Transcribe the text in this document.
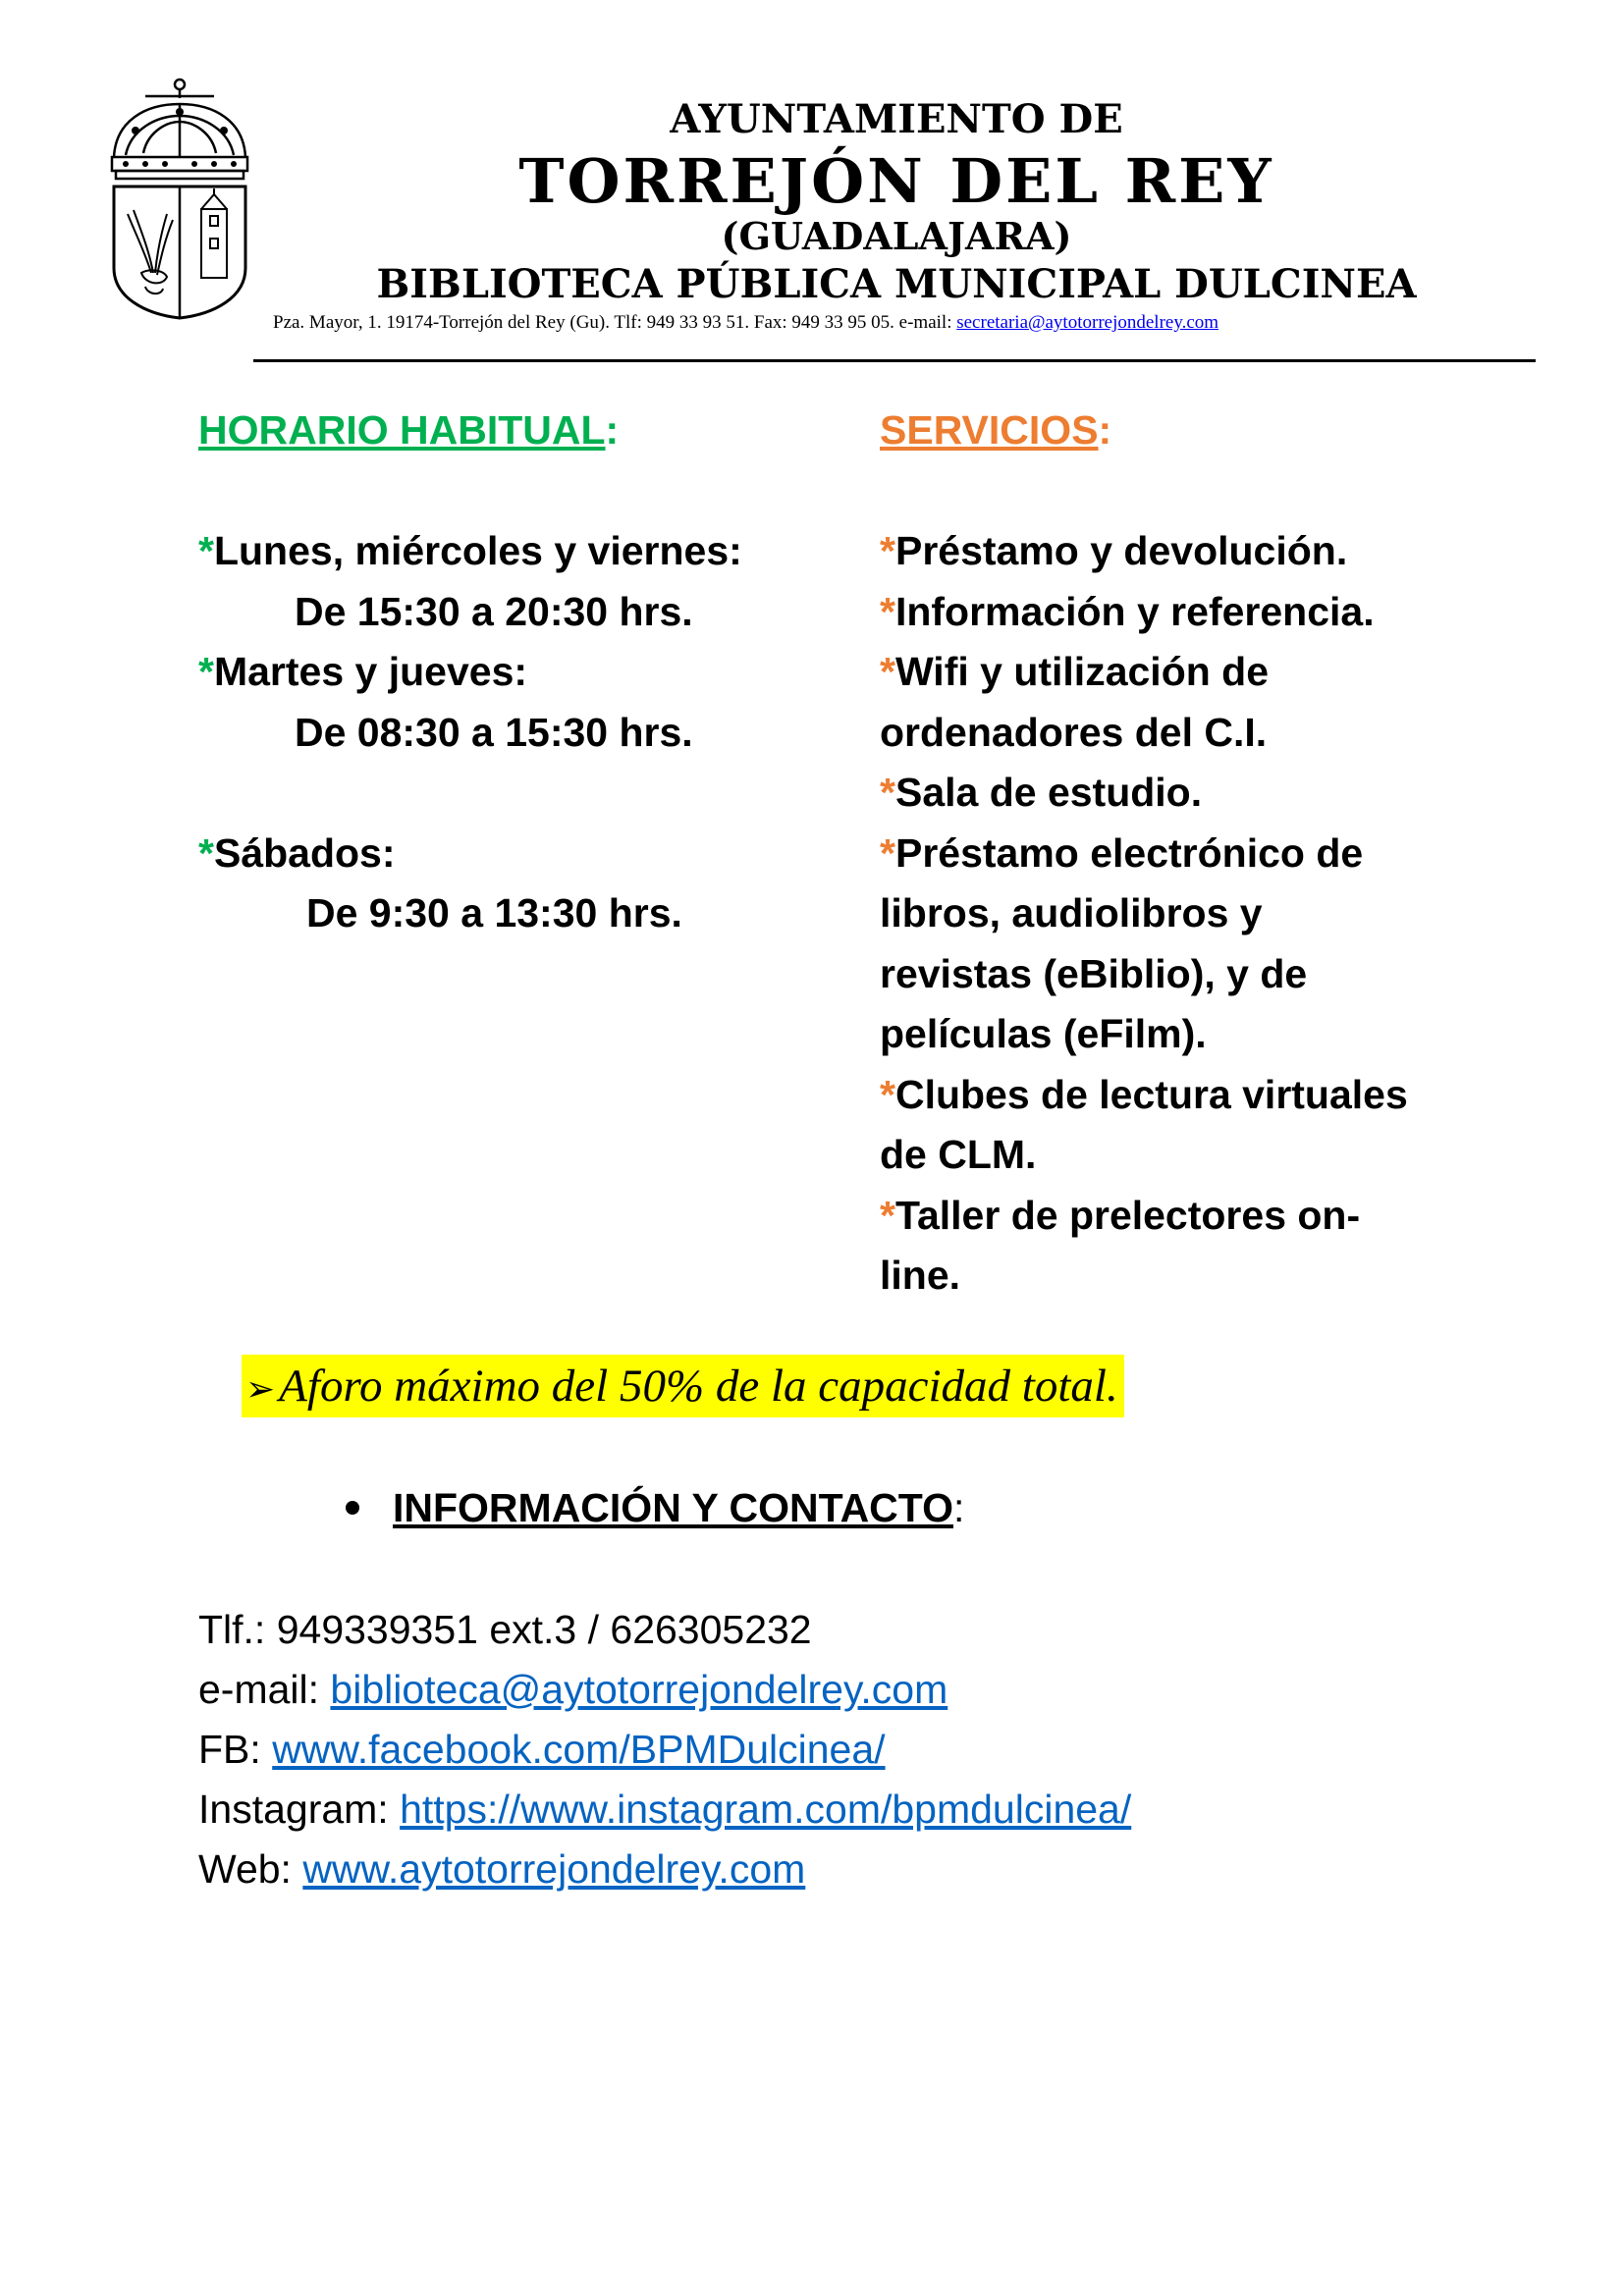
AYUNTAMIENTO DE
TORREJÓN DEL REY
(GUADALAJARA)
BIBLIOTECA PÚBLICA MUNICIPAL DULCINEA
Pza. Mayor, 1. 19174-Torrejón del Rey (Gu). Tlf: 949 33 93 51. Fax: 949 33 95 05. e-mail: secretaria@aytotorrejondelrey.com
HORARIO HABITUAL:
*Lunes, miércoles y viernes:
De 15:30 a 20:30 hrs.
*Martes y jueves:
De 08:30 a 15:30 hrs.
*Sábados:
De 9:30 a 13:30 hrs.
SERVICIOS:
*Préstamo y devolución.
*Información y referencia.
*Wifi y utilización de
ordenadores del C.I.
*Sala de estudio.
*Préstamo electrónico de
libros, audiolibros y
revistas (eBiblio), y de
películas (eFilm).
*Clubes de lectura virtuales
de CLM.
*Taller de prelectores on-
line.
➢Aforo máximo del 50% de la capacidad total.
INFORMACIÓN Y CONTACTO:
Tlf.: 949339351 ext.3 / 626305232
e-mail: biblioteca@aytotorrejondelrey.com
FB: www.facebook.com/BPMDulcinea/
Instagram: https://www.instagram.com/bpmdulcinea/
Web: www.aytotorrejondelrey.com
